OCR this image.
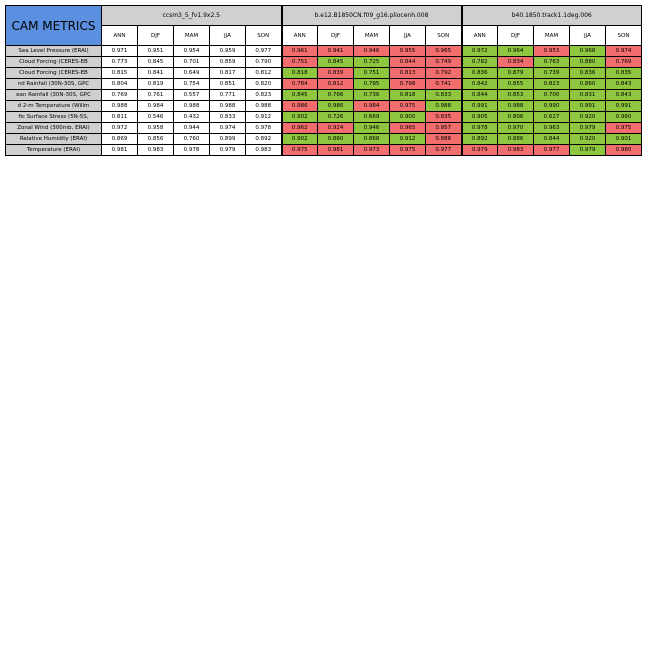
CAM METRICS	ccsm3_5_fv1.9x2.5					b.e12.B1850CN.f09_g16.pliocenh.008					b40.1850.track1.1deg.006				
	ANN	DJF	MAM	JJA	SON	ANN	DJF	MAM	JJA	SON	ANN	DJF	MAM	JJA	SON
Sea Level Pressure (ERAI)	0.971	0.951	0.954	0.959	0.977	0.961	0.941	0.946	0.955	0.965	0.972	0.964	0.953	0.968	0.974
Cloud Forcing (CERES-EB	0.773	0.845	0.701	0.859	0.790	0.751	0.845	0.725	0.844	0.749	0.782	0.834	0.763	0.880	0.769
Cloud Forcing (CERES-EB	0.815	0.841	0.649	0.817	0.812	0.818	0.839	0.751	0.813	0.792	0.836	0.879	0.739	0.836	0.835
nd Rainfall (30N-30S, GPC	0.804	0.819	0.754	0.851	0.820	0.784	0.812	0.795	0.798	0.741	0.842	0.855	0.823	0.860	0.843
ean Rainfall (30N-30S, GPC	0.769	0.761	0.557	0.771	0.823	0.845	0.766	0.736	0.818	0.833	0.844	0.853	0.700	0.831	0.843
d 2-m Temperature (Willm	0.988	0.984	0.988	0.988	0.988	0.986	0.986	0.984	0.975	0.988	0.991	0.988	0.990	0.991	0.991
fic Surface Stress (5N-5S,	0.811	0.546	0.432	0.833	0.912	0.902	0.726	0.669	0.900	0.835	0.905	0.806	0.627	0.920	0.960
Zonal Wind (300mb, ERAI)	0.972	0.958	0.944	0.974	0.978	0.962	0.924	0.946	0.965	0.957	0.978	0.970	0.963	0.979	0.975
Relative Humidity (ERAI)	0.869	0.856	0.760	0.899	0.892	0.902	0.860	0.868	0.912	0.888	0.892	0.886	0.844	0.920	0.901
Temperature (ERAI)	0.981	0.983	0.978	0.979	0.983	0.975	0.981	0.973	0.975	0.977	0.979	0.983	0.977	0.979	0.980
